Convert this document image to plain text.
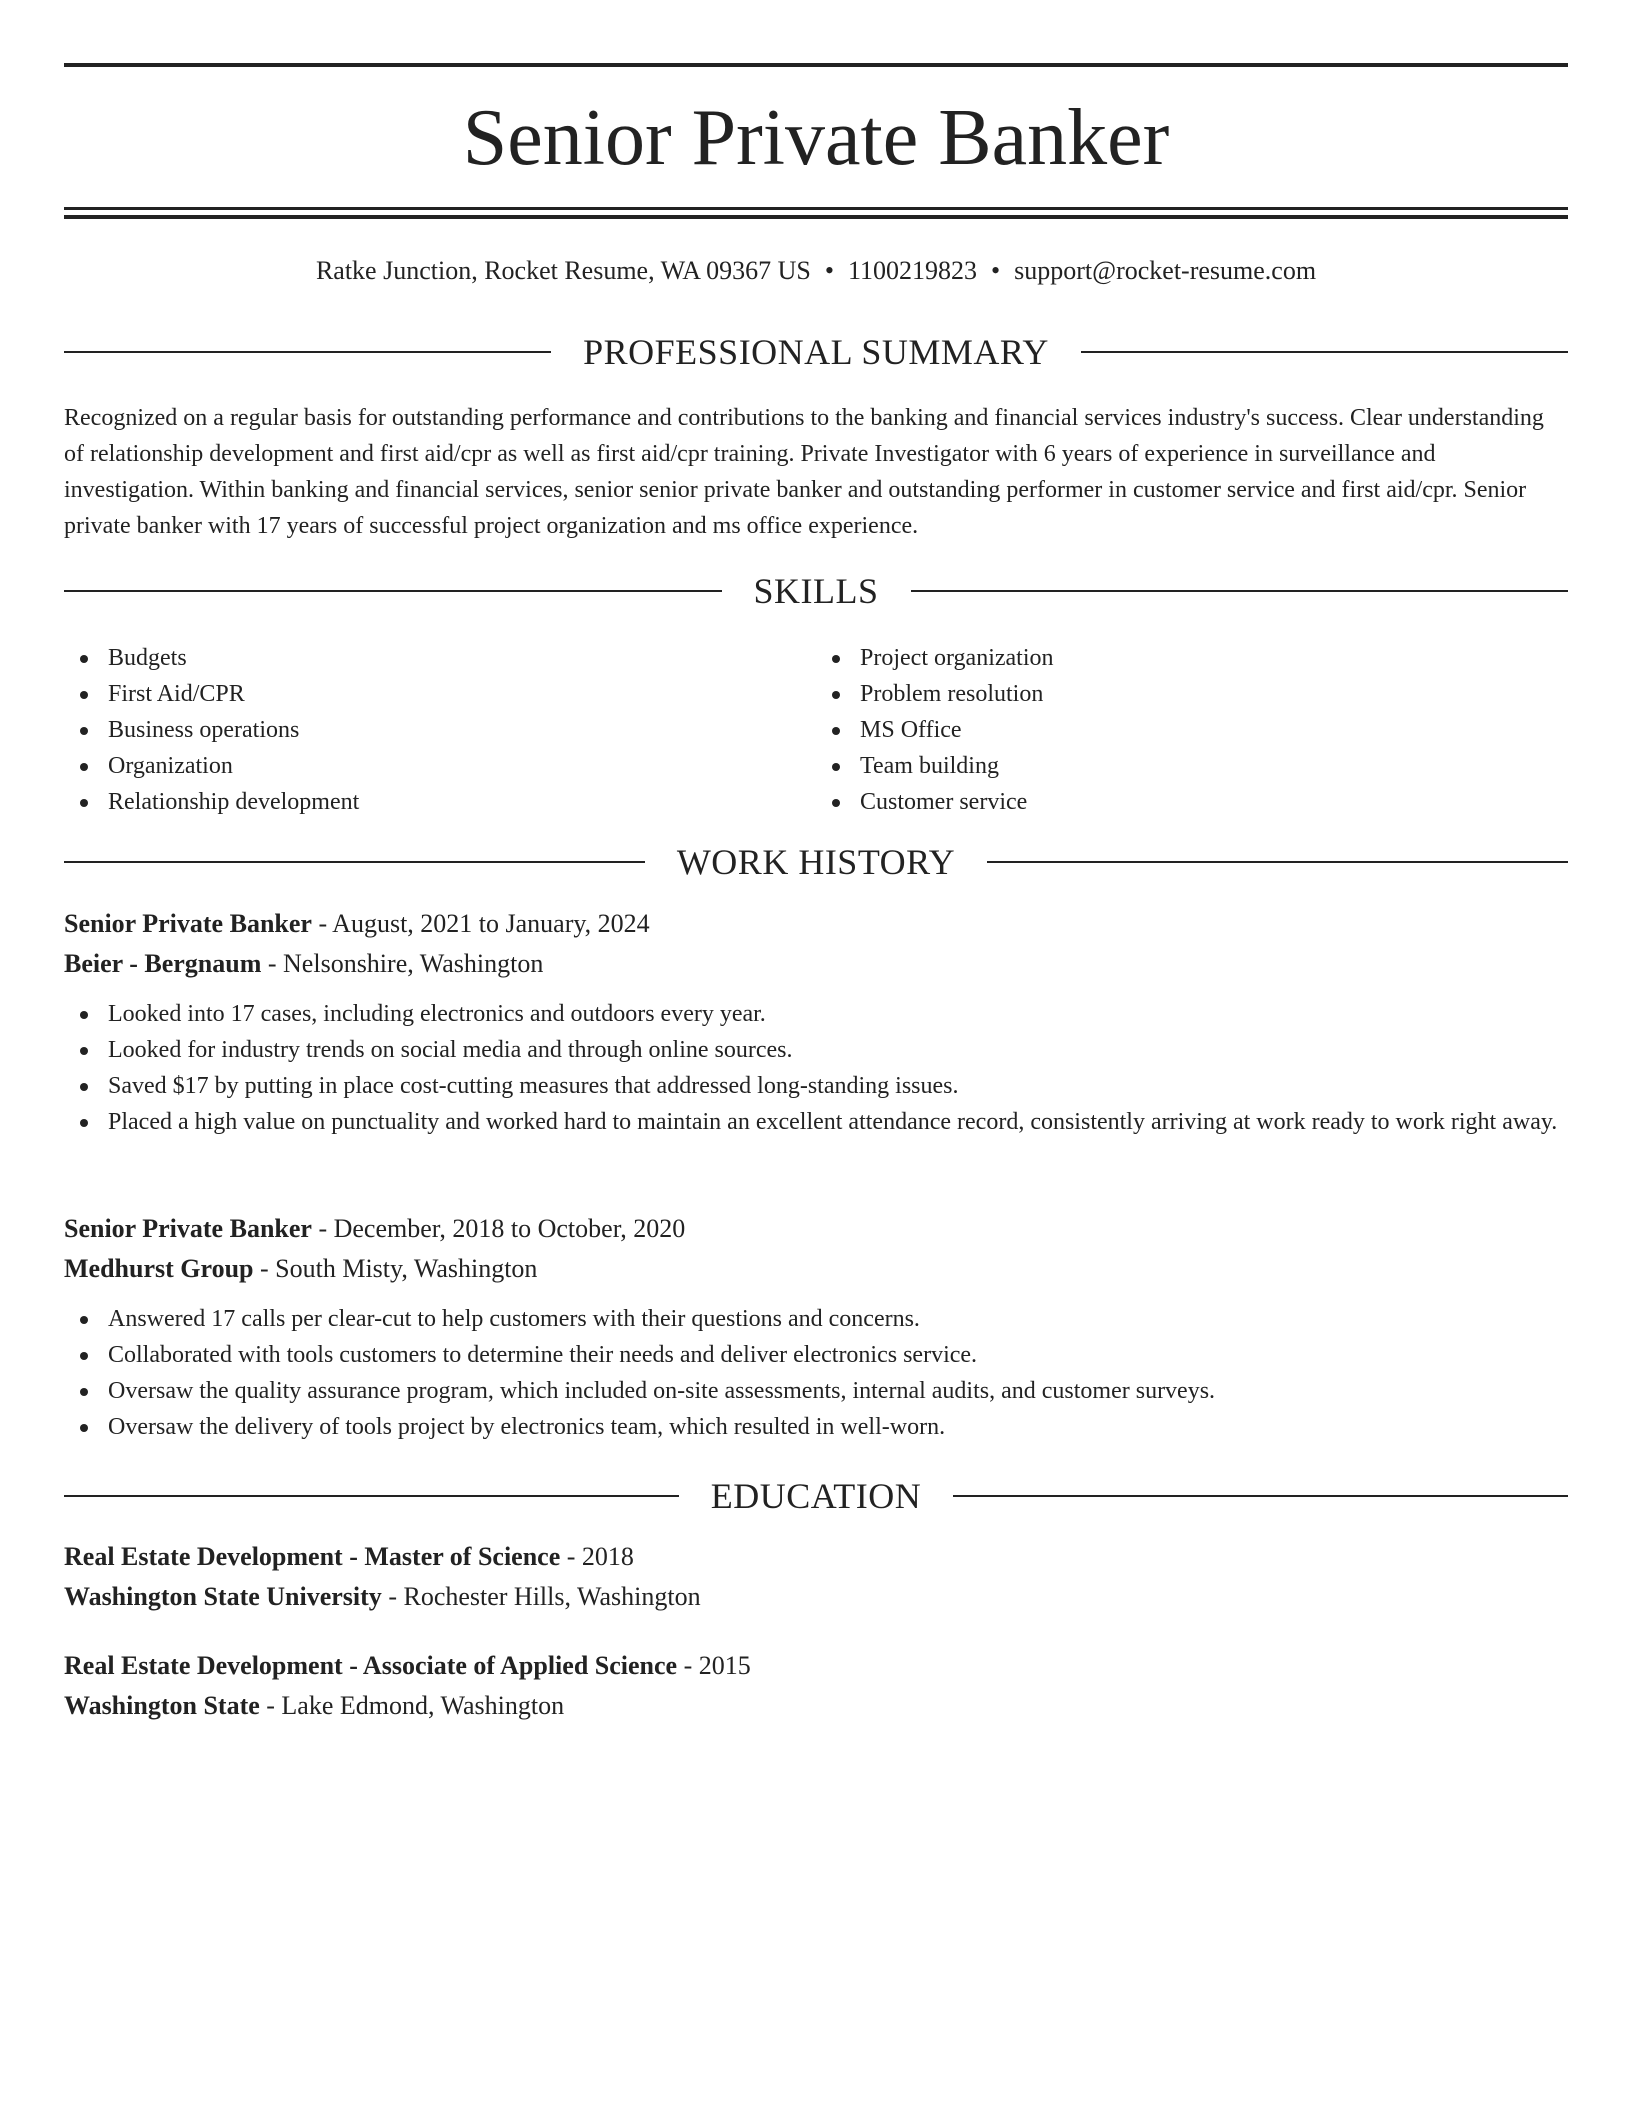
Senior Private Banker
Ratke Junction, Rocket Resume, WA 09367 US • 1100219823 • support@rocket-resume.com
PROFESSIONAL SUMMARY

Recognized on a regular basis for outstanding performance and contributions to the banking and financial services industry's success. Clear understanding of relationship development and first aid/cpr as well as first aid/cpr training. Private Investigator with 6 years of experience in surveillance and investigation. Within banking and financial services, senior senior private banker and outstanding performer in customer service and first aid/cpr. Senior private banker with 17 years of successful project organization and ms office experience.

SKILLS
Budgets
First Aid/CPR
Business operations
Organization
Relationship development
Project organization
Problem resolution
MS Office
Team building
Customer service
WORK HISTORY
Senior Private Banker - August, 2021 to January, 2024
Beier - Bergnaum - Nelsonshire, Washington
Looked into 17 cases, including electronics and outdoors every year.
Looked for industry trends on social media and through online sources.
Saved $17 by putting in place cost-cutting measures that addressed long-standing issues.
Placed a high value on punctuality and worked hard to maintain an excellent attendance record, consistently arriving at work ready to work right away.
Senior Private Banker - December, 2018 to October, 2020
Medhurst Group - South Misty, Washington
Answered 17 calls per clear-cut to help customers with their questions and concerns.
Collaborated with tools customers to determine their needs and deliver electronics service.
Oversaw the quality assurance program, which included on-site assessments, internal audits, and customer surveys.
Oversaw the delivery of tools project by electronics team, which resulted in well-worn.
EDUCATION
Real Estate Development - Master of Science - 2018
Washington State University - Rochester Hills, Washington
Real Estate Development - Associate of Applied Science - 2015
Washington State - Lake Edmond, Washington
